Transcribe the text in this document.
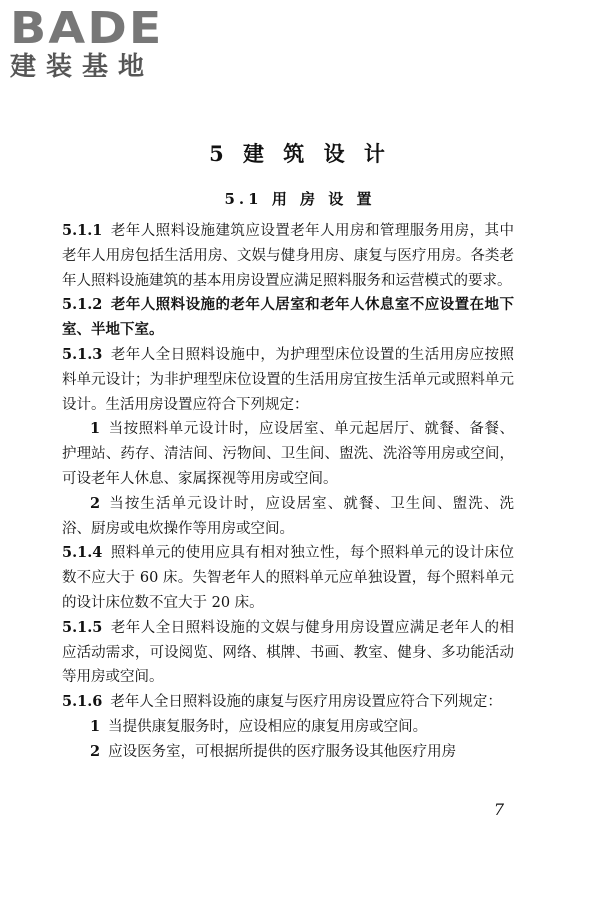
BADE
建装基地
5 建 筑 设 计
5.1 用 房 设 置
5.1.1 老年人照料设施建筑应设置老年人用房和管理服务用房，其中老年人用房包括生活用房、文娱与健身用房、康复与医疗用房。各类老年人照料设施建筑的基本用房设置应满足照料服务和运营模式的要求。
5.1.2 老年人照料设施的老年人居室和老年人休息室不应设置在地下室、半地下室。
5.1.3 老年人全日照料设施中，为护理型床位设置的生活用房应按照料单元设计；为非护理型床位设置的生活用房宜按生活单元或照料单元设计。生活用房设置应符合下列规定：
1 当按照料单元设计时，应设居室、单元起居厅、就餐、备餐、护理站、药存、清洁间、污物间、卫生间、盥洗、洗浴等用房或空间，可设老年人休息、家属探视等用房或空间。
2 当按生活单元设计时，应设居室、就餐、卫生间、盥洗、洗浴、厨房或电炊操作等用房或空间。
5.1.4 照料单元的使用应具有相对独立性，每个照料单元的设计床位数不应大于 60 床。失智老年人的照料单元应单独设置，每个照料单元的设计床位数不宜大于 20 床。
5.1.5 老年人全日照料设施的文娱与健身用房设置应满足老年人的相应活动需求，可设阅览、网络、棋牌、书画、教室、健身、多功能活动等用房或空间。
5.1.6 老年人全日照料设施的康复与医疗用房设置应符合下列规定：
1 当提供康复服务时，应设相应的康复用房或空间。
2 应设医务室，可根据所提供的医疗服务设其他医疗用房
7
